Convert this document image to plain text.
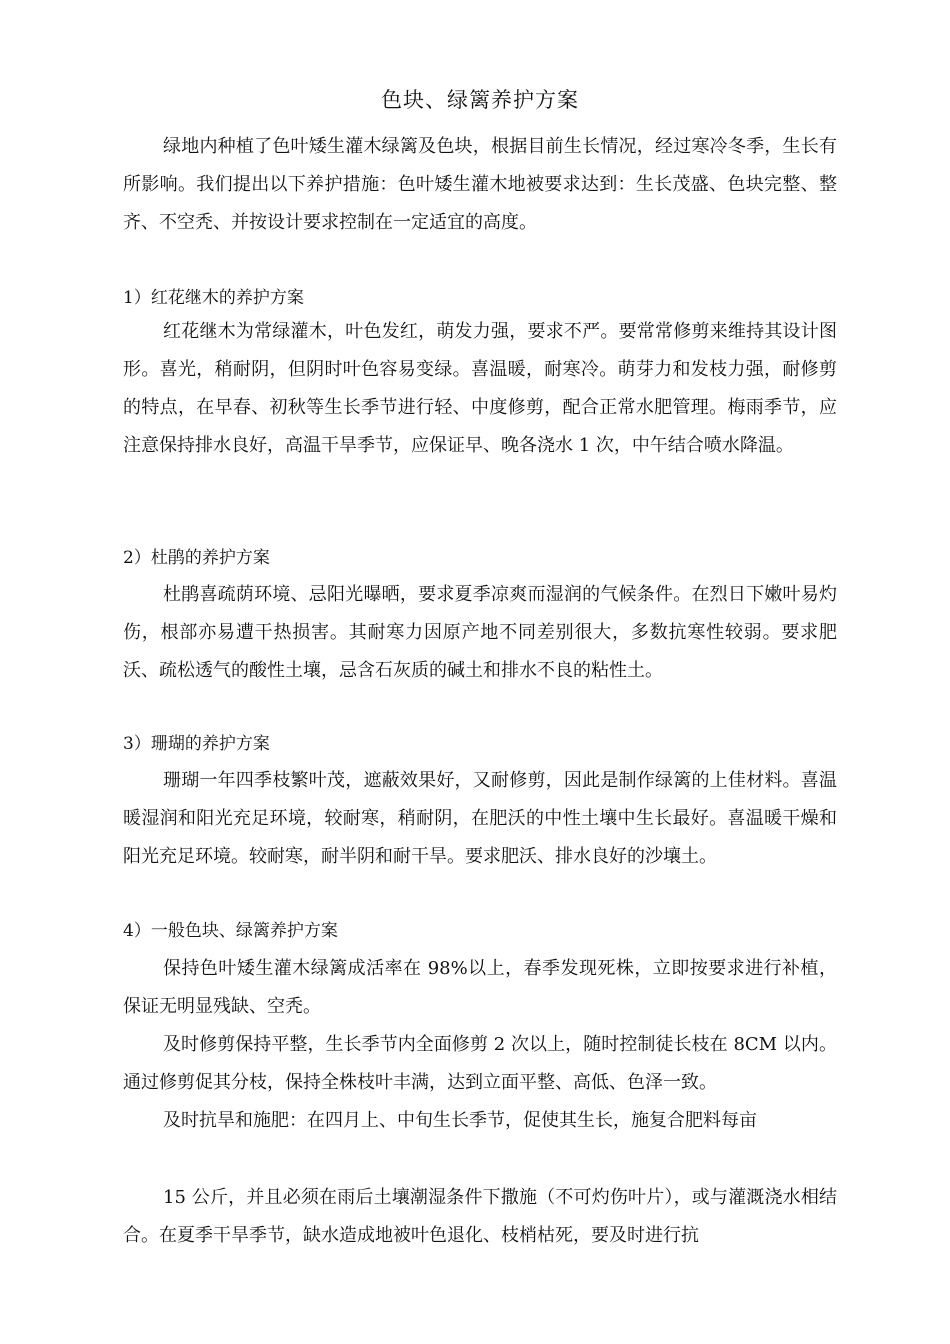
色块、绿篱养护方案

绿地内种植了色叶矮生灌木绿篱及色块，根据目前生长情况，经过寒冷冬季，生长有所影响。我们提出以下养护措施：色叶矮生灌木地被要求达到：生长茂盛、色块完整、整齐、不空秃、并按设计要求控制在一定适宜的高度。

1）红花继木的养护方案

红花继木为常绿灌木，叶色发红，萌发力强，要求不严。要常常修剪来维持其设计图形。喜光，稍耐阴，但阴时叶色容易变绿。喜温暖，耐寒冷。萌芽力和发枝力强，耐修剪的特点，在早春、初秋等生长季节进行轻、中度修剪，配合正常水肥管理。梅雨季节，应注意保持排水良好，高温干旱季节，应保证早、晚各浇水 1 次，中午结合喷水降温。

2）杜鹃的养护方案

杜鹃喜疏荫环境、忌阳光曝晒，要求夏季凉爽而湿润的气候条件。在烈日下嫩叶易灼伤，根部亦易遭干热损害。其耐寒力因原产地不同差别很大，多数抗寒性较弱。要求肥沃、疏松透气的酸性土壤，忌含石灰质的碱土和排水不良的粘性土。

3）珊瑚的养护方案

珊瑚一年四季枝繁叶茂，遮蔽效果好，又耐修剪，因此是制作绿篱的上佳材料。喜温暖湿润和阳光充足环境，较耐寒，稍耐阴，在肥沃的中性土壤中生长最好。喜温暖干燥和阳光充足环境。较耐寒，耐半阴和耐干旱。要求肥沃、排水良好的沙壤土。

4）一般色块、绿篱养护方案

保持色叶矮生灌木绿篱成活率在 98%以上，春季发现死株，立即按要求进行补植，保证无明显残缺、空秃。

及时修剪保持平整，生长季节内全面修剪 2 次以上，随时控制徒长枝在 8CM 以内。通过修剪促其分枝，保持全株枝叶丰满，达到立面平整、高低、色泽一致。

及时抗旱和施肥：在四月上、中旬生长季节，促使其生长，施复合肥料每亩

15 公斤，并且必须在雨后土壤潮湿条件下撒施（不可灼伤叶片），或与灌溉浇水相结合。在夏季干旱季节，缺水造成地被叶色退化、枝梢枯死，要及时进行抗
